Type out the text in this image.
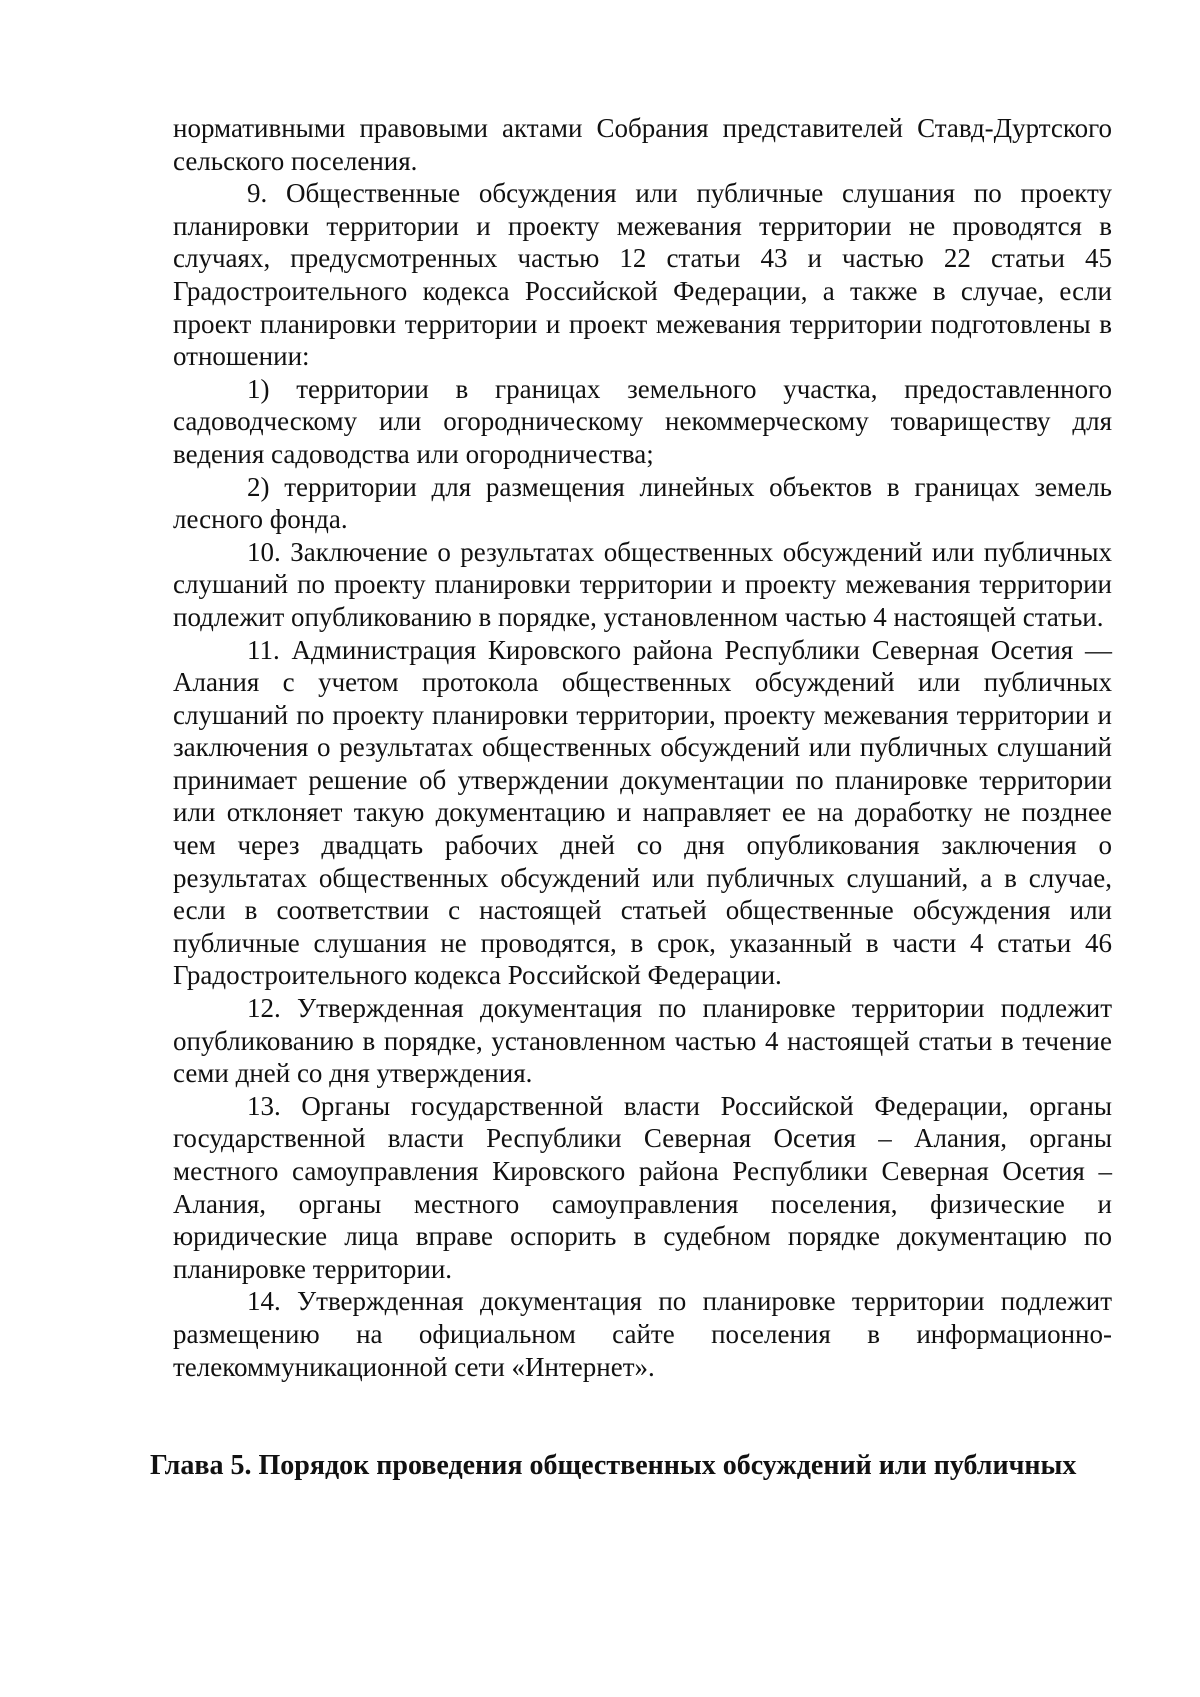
нормативными правовыми актами Собрания представителей Ставд-Дуртского сельского поселения.

9. Общественные обсуждения или публичные слушания по проекту планировки территории и проекту межевания территории не проводятся в случаях, предусмотренных частью 12 статьи 43 и частью 22 статьи 45 Градостроительного кодекса Российской Федерации, а также в случае, если проект планировки территории и проект межевания территории подготовлены в отношении:

1) территории в границах земельного участка, предоставленного садоводческому или огородническому некоммерческому товариществу для ведения садоводства или огородничества;

2) территории для размещения линейных объектов в границах земель лесного фонда.

10. Заключение о результатах общественных обсуждений или публичных слушаний по проекту планировки территории и проекту межевания территории подлежит опубликованию в порядке, установленном частью 4 настоящей статьи.

11. Администрация Кировского района Республики Северная Осетия — Алания с учетом протокола общественных обсуждений или публичных слушаний по проекту планировки территории, проекту межевания территории и заключения о результатах общественных обсуждений или публичных слушаний принимает решение об утверждении документации по планировке территории или отклоняет такую документацию и направляет ее на доработку не позднее чем через двадцать рабочих дней со дня опубликования заключения о результатах общественных обсуждений или публичных слушаний, а в случае, если в соответствии с настоящей статьей общественные обсуждения или публичные слушания не проводятся, в срок, указанный в части 4 статьи 46 Градостроительного кодекса Российской Федерации.

12. Утвержденная документация по планировке территории подлежит опубликованию в порядке, установленном частью 4 настоящей статьи в течение семи дней со дня утверждения.

13. Органы государственной власти Российской Федерации, органы государственной власти Республики Северная Осетия – Алания, органы местного самоуправления Кировского района Республики Северная Осетия – Алания, органы местного самоуправления поселения, физические и юридические лица вправе оспорить в судебном порядке документацию по планировке территории.

14. Утвержденная документация по планировке территории подлежит размещению на официальном сайте поселения в информационно-телекоммуникационной сети «Интернет».

Глава 5. Порядок проведения общественных обсуждений или публичных
